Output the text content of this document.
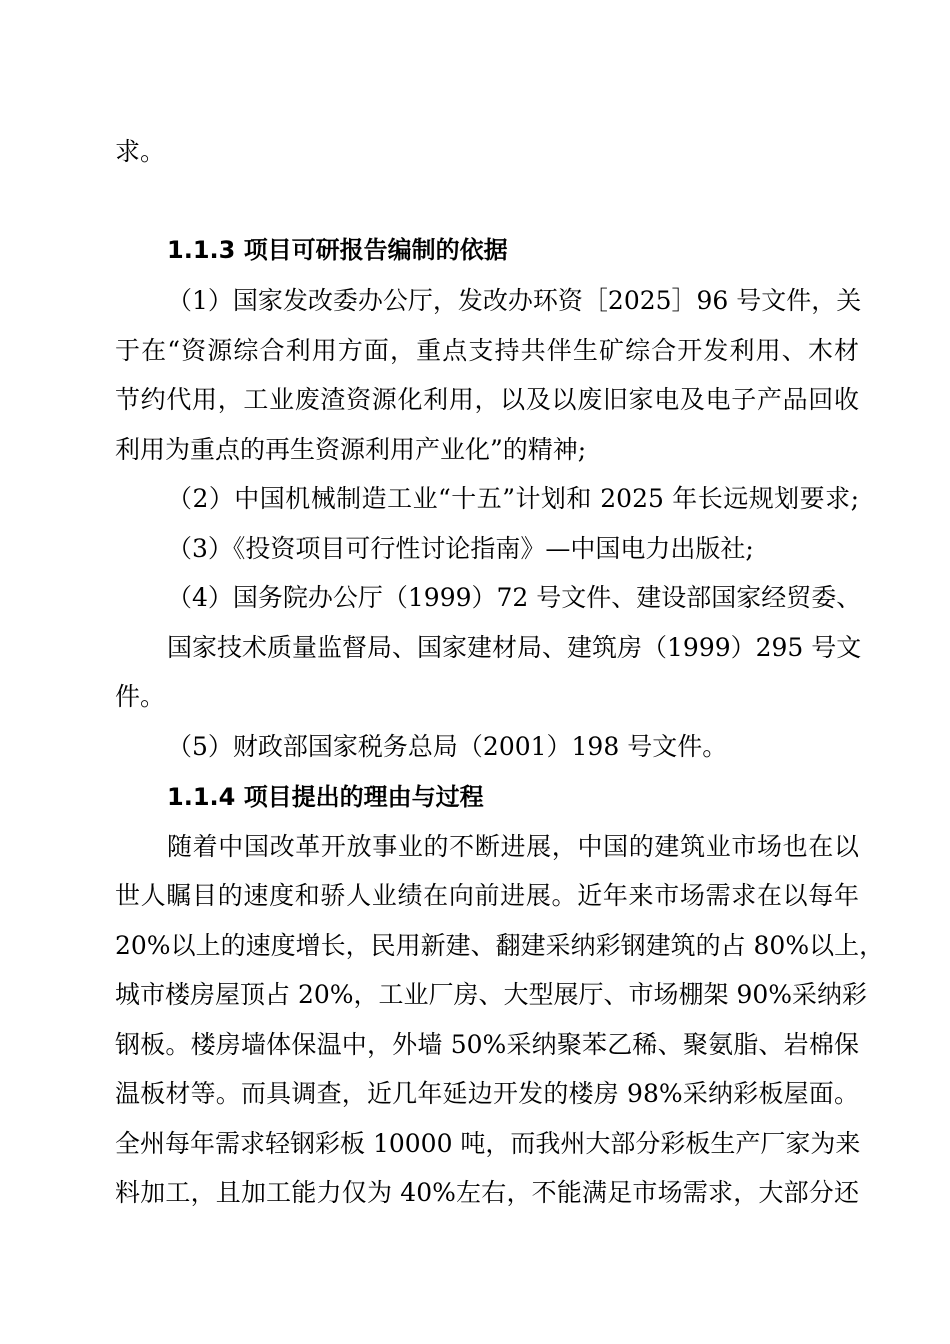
求。
1.1.3 项目可研报告编制的依据
（1）国家发改委办公厅，发改办环资［2025］96 号文件，关
于在“资源综合利用方面，重点支持共伴生矿综合开发利用、木材
节约代用，工业废渣资源化利用，以及以废旧家电及电子产品回收
利用为重点的再生资源利用产业化”的精神;
（2）中国机械制造工业“十五”计划和 2025 年长远规划要求;
（3）《投资项目可行性讨论指南》—中国电力出版社;
（4）国务院办公厅（1999）72 号文件、建设部国家经贸委、
国家技术质量监督局、国家建材局、建筑房（1999）295 号文
件。
（5）财政部国家税务总局（2001）198 号文件。
1.1.4 项目提出的理由与过程
随着中国改革开放事业的不断进展，中国的建筑业市场也在以
世人瞩目的速度和骄人业绩在向前进展。近年来市场需求在以每年
20%以上的速度增长，民用新建、翻建采纳彩钢建筑的占 80%以上，
城市楼房屋顶占 20%，工业厂房、大型展厅、市场棚架 90%采纳彩
钢板。楼房墙体保温中，外墙 50%采纳聚苯乙稀、聚氨脂、岩棉保
温板材等。而具调查，近几年延边开发的楼房 98%采纳彩板屋面。
全州每年需求轻钢彩板 10000 吨，而我州大部分彩板生产厂家为来
料加工，且加工能力仅为 40%左右，不能满足市场需求，大部分还
